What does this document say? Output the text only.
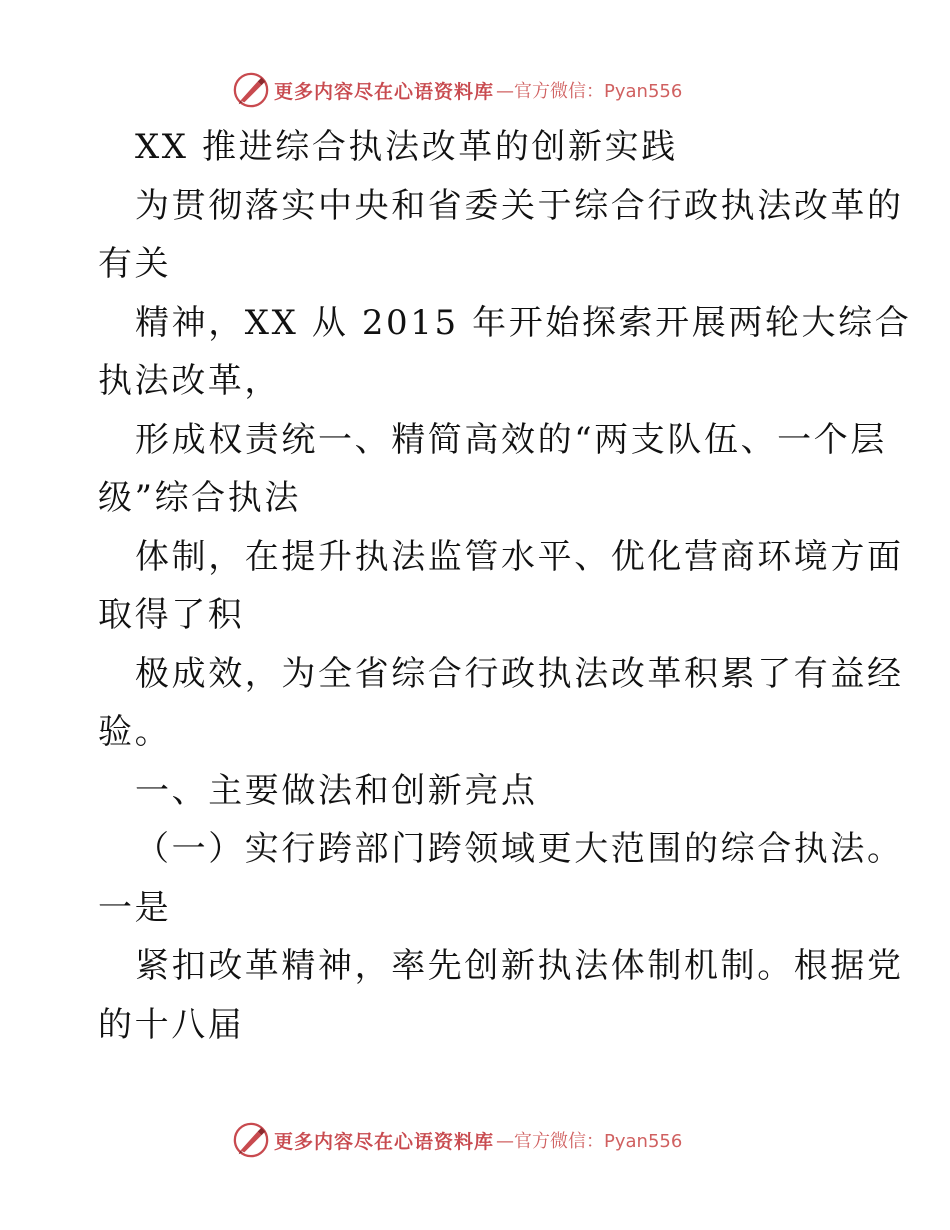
更多内容尽在心语资料库 —官方微信：Pyan556
XX 推进综合执法改革的创新实践
为贯彻落实中央和省委关于综合行政执法改革的
有关
精神，XX 从 2015 年开始探索开展两轮大综合
执法改革，
形成权责统一、精简高效的“两支队伍、一个层
级”综合执法
体制，在提升执法监管水平、优化营商环境方面
取得了积
极成效，为全省综合行政执法改革积累了有益经
验。
一、主要做法和创新亮点
（一）实行跨部门跨领域更大范围的综合执法。
一是
紧扣改革精神，率先创新执法体制机制。根据党
的十八届
更多内容尽在心语资料库 —官方微信：Pyan556
